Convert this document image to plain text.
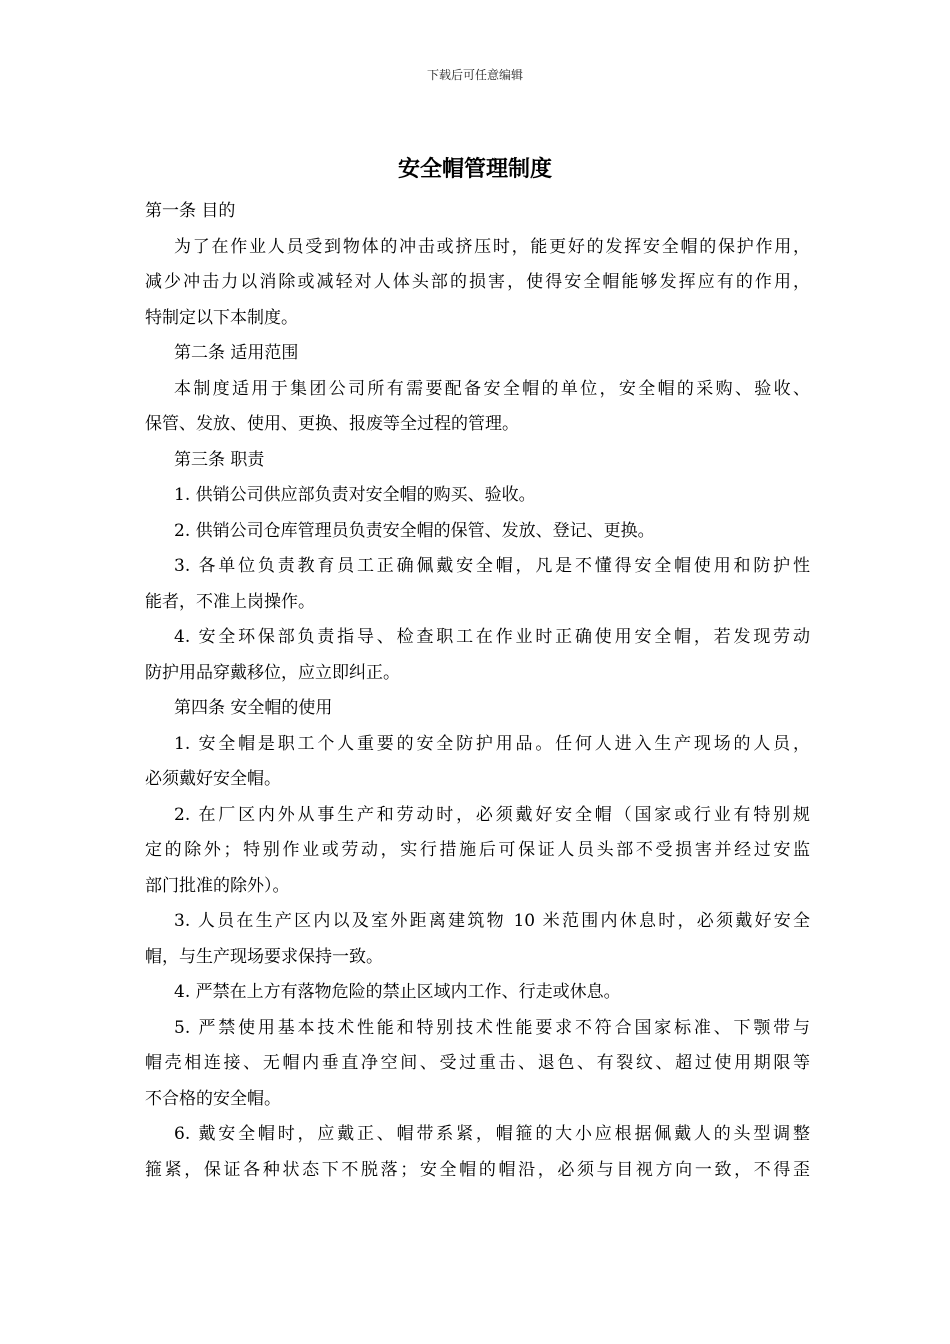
下载后可任意编辑
安全帽管理制度
第一条 目的
为了在作业人员受到物体的冲击或挤压时，能更好的发挥安全帽的保护作用，
减少冲击力以消除或减轻对人体头部的损害，使得安全帽能够发挥应有的作用，
特制定以下本制度。
第二条 适用范围
本制度适用于集团公司所有需要配备安全帽的单位，安全帽的采购、验收、
保管、发放、使用、更换、报废等全过程的管理。
第三条 职责
1. 供销公司供应部负责对安全帽的购买、验收。
2. 供销公司仓库管理员负责安全帽的保管、发放、登记、更换。
3. 各单位负责教育员工正确佩戴安全帽，凡是不懂得安全帽使用和防护性
能者，不准上岗操作。
4. 安全环保部负责指导、检查职工在作业时正确使用安全帽，若发现劳动
防护用品穿戴移位，应立即纠正。
第四条 安全帽的使用
1. 安全帽是职工个人重要的安全防护用品。任何人进入生产现场的人员，
必须戴好安全帽。
2. 在厂区内外从事生产和劳动时，必须戴好安全帽（国家或行业有特别规
定的除外；特别作业或劳动，实行措施后可保证人员头部不受损害并经过安监
部门批准的除外）。
3. 人员在生产区内以及室外距离建筑物 10 米范围内休息时，必须戴好安全
帽，与生产现场要求保持一致。
4. 严禁在上方有落物危险的禁止区域内工作、行走或休息。
5. 严禁使用基本技术性能和特别技术性能要求不符合国家标准、下颚带与
帽壳相连接、无帽内垂直净空间、受过重击、退色、有裂纹、超过使用期限等
不合格的安全帽。
6. 戴安全帽时，应戴正、帽带系紧，帽箍的大小应根据佩戴人的头型调整
箍紧，保证各种状态下不脱落；安全帽的帽沿，必须与目视方向一致，不得歪
